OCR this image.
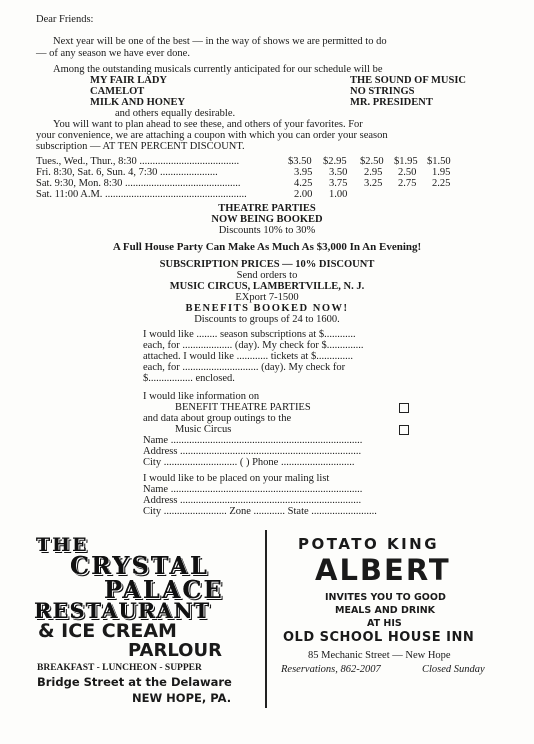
Dear Friends:
Next year will be one of the best — in the way of shows we are permitted to do
— of any season we have ever done.
Among the outstanding musicals currently anticipated for our schedule will be
MY FAIR LADY
CAMELOT
MILK AND HONEY
THE SOUND OF MUSIC
NO STRINGS
MR. PRESIDENT
and others equally desirable.
You will want to plan ahead to see these, and others of your favorites. For
your convenience, we are attaching a coupon with which you can order your season
subscription — AT TEN PERCENT DISCOUNT.
Tues., Wed., Thur., 8:30 ......................................	$3.50 $2.95 $2.50 $1.95 $1.50
Fri. 8:30, Sat. 6, Sun. 4, 7:30 ......................	3.95 3.50 2.95 2.50 1.95
Sat. 9:30, Mon. 8:30 ............................................	4.25 3.75 3.25 2.75 2.25
Sat. 11:00 A.M. ......................................................	2.00 1.00
THEATRE PARTIES
NOW BEING BOOKED
Discounts 10% to 30%
A Full House Party Can Make As Much As $3,000 In An Evening!
SUBSCRIPTION PRICES — 10% DISCOUNT
Send orders to
MUSIC CIRCUS, LAMBERTVILLE, N. J.
EXport 7-1500
BENEFITS BOOKED NOW!
Discounts to groups of 24 to 1600.
I would like ........ season subscriptions at $............
each, for ................... (day). My check for $..............
attached. I would like ............ tickets at $..............
each, for ............................. (day). My check for
$................. enclosed.
I would like information on
BENEFIT THEATRE PARTIES
and data about group outings to the
Music Circus
Name .........................................................................
Address .....................................................................
City ............................ ( ) Phone ............................
I would like to be placed on your maling list
Name .........................................................................
Address .....................................................................
City ........................ Zone ............ State .........................
THE
CRYSTAL
PALACE
RESTAURANT
& ICE CREAM
PARLOUR
BREAKFAST - LUNCHEON - SUPPER
Bridge Street at the Delaware
NEW HOPE, PA.
POTATO KING
ALBERT
INVITES YOU TO GOOD
MEALS AND DRINK
AT HIS
OLD SCHOOL HOUSE INN
85 Mechanic Street — New Hope
Reservations, 862-2007	Closed Sunday
